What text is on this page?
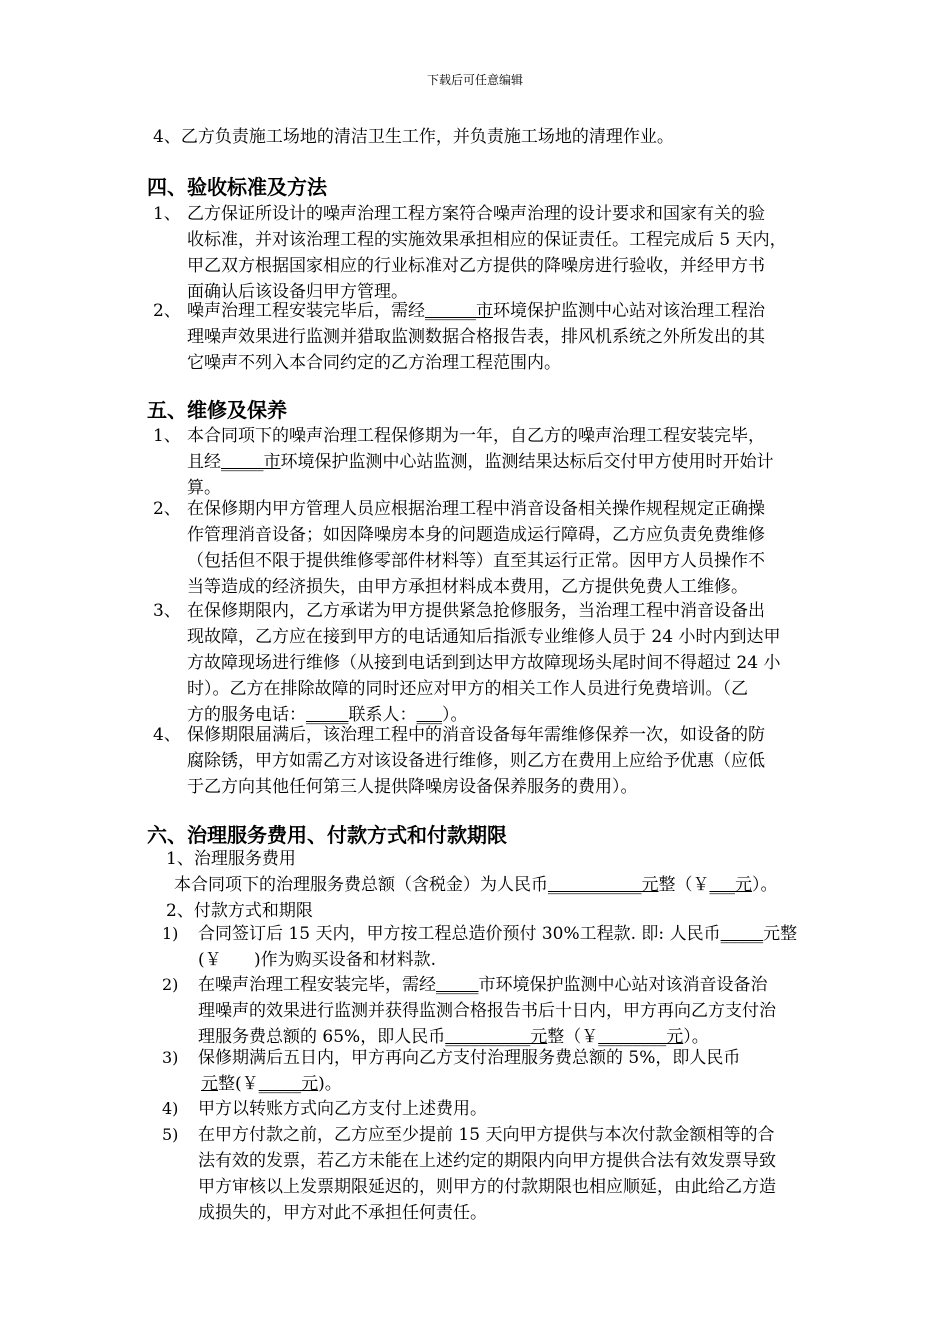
下载后可任意编辑
4、乙方负责施工场地的清洁卫生工作，并负责施工场地的清理作业。
四、验收标准及方法
1、 乙方保证所设计的噪声治理工程方案符合噪声治理的设计要求和国家有关的验
收标准，并对该治理工程的实施效果承担相应的保证责任。工程完成后 5 天内，
甲乙双方根据国家相应的行业标准对乙方提供的降噪房进行验收，并经甲方书
面确认后该设备归甲方管理。
2、 噪声治理工程安装完毕后，需经______市环境保护监测中心站对该治理工程治
理噪声效果进行监测并猎取监测数据合格报告表，排风机系统之外所发出的其
它噪声不列入本合同约定的乙方治理工程范围内。
五、维修及保养
1、 本合同项下的噪声治理工程保修期为一年，自乙方的噪声治理工程安装完毕，
且经_____市环境保护监测中心站监测，监测结果达标后交付甲方使用时开始计
算。
2、 在保修期内甲方管理人员应根据治理工程中消音设备相关操作规程规定正确操
作管理消音设备；如因降噪房本身的问题造成运行障碍，乙方应负责免费维修
（包括但不限于提供维修零部件材料等）直至其运行正常。因甲方人员操作不
当等造成的经济损失，由甲方承担材料成本费用，乙方提供免费人工维修。
3、 在保修期限内，乙方承诺为甲方提供紧急抢修服务，当治理工程中消音设备出
现故障，乙方应在接到甲方的电话通知后指派专业维修人员于 24 小时内到达甲
方故障现场进行维修（从接到电话到到达甲方故障现场头尾时间不得超过 24 小
时）。乙方在排除故障的同时还应对甲方的相关工作人员进行免费培训。（乙
方的服务电话：_____联系人：___）。
4、 保修期限届满后，该治理工程中的消音设备每年需维修保养一次，如设备的防
腐除锈，甲方如需乙方对该设备进行维修，则乙方在费用上应给予优惠（应低
于乙方向其他任何第三人提供降噪房设备保养服务的费用）。
六、治理服务费用、付款方式和付款期限
1、治理服务费用
本合同项下的治理服务费总额（含税金）为人民币___________元整（￥___元）。
2、付款方式和期限
1) 合同签订后 15 天内，甲方按工程总造价预付 30%工程款. 即: 人民币_____元整
(￥      )作为购买设备和材料款.
2) 在噪声治理工程安装完毕，需经_____市环境保护监测中心站对该消音设备治
理噪声的效果进行监测并获得监测合格报告书后十日内，甲方再向乙方支付治
理服务费总额的 65%，即人民币__________元整（￥________元）。
3) 保修期满后五日内，甲方再向乙方支付治理服务费总额的 5%，即人民币
元整(￥_____元)。
4) 甲方以转账方式向乙方支付上述费用。
5) 在甲方付款之前，乙方应至少提前 15 天向甲方提供与本次付款金额相等的合
法有效的发票，若乙方未能在上述约定的期限内向甲方提供合法有效发票导致
甲方审核以上发票期限延迟的，则甲方的付款期限也相应顺延，由此给乙方造
成损失的，甲方对此不承担任何责任。
